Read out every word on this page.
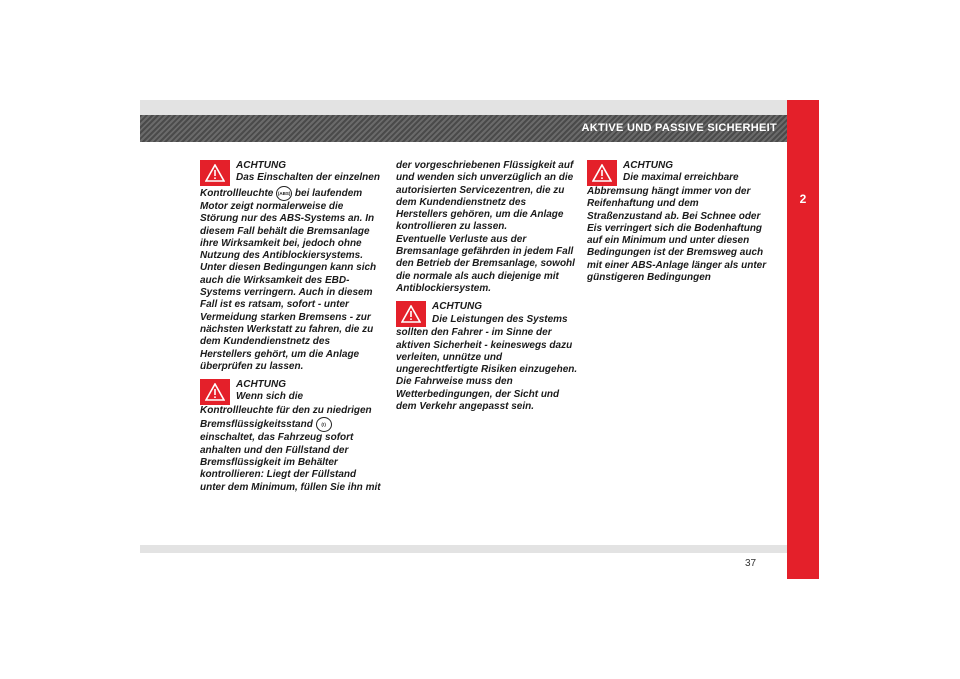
AKTIVE UND PASSIVE SICHERHEIT
2
ACHTUNG
Das Einschalten der einzelnen

Kontrollleuchte (ABS) bei laufendem Motor zeigt normalerweise die Störung nur des ABS-Systems an. In diesem Fall behält die Bremsanlage ihre Wirksamkeit bei, jedoch ohne Nutzung des Antiblockiersystems. Unter diesen Bedingungen kann sich auch die Wirksamkeit des EBD-Systems verringern. Auch in diesem Fall ist es ratsam, sofort - unter Vermeidung starken Bremsens - zur nächsten Werkstatt zu fahren, die zu dem Kundendienstnetz des Herstellers gehört, um die Anlage überprüfen zu lassen.

ACHTUNG
Wenn sich die

Kontrollleuchte für den zu niedrigen Bremsflüssigkeitsstand (!) einschaltet, das Fahrzeug sofort anhalten und den Füllstand der Bremsflüssigkeit im Behälter kontrollieren: Liegt der Füllstand unter dem Minimum, füllen Sie ihn mit

der vorgeschriebenen Flüssigkeit auf und wenden sich unverzüglich an die autorisierten Servicezentren, die zu dem Kundendienstnetz des Herstellers gehören, um die Anlage kontrollieren zu lassen.

Eventuelle Verluste aus der Bremsanlage gefährden in jedem Fall den Betrieb der Bremsanlage, sowohl die normale als auch diejenige mit Antiblockiersystem.

ACHTUNG
Die Leistungen des Systems

sollten den Fahrer - im Sinne der aktiven Sicherheit - keineswegs dazu verleiten, unnütze und ungerechtfertigte Risiken einzugehen. Die Fahrweise muss den Wetterbedingungen, der Sicht und dem Verkehr angepasst sein.

ACHTUNG
Die maximal erreichbare

Abbremsung hängt immer von der Reifenhaftung und dem Straßenzustand ab. Bei Schnee oder Eis verringert sich die Bodenhaftung auf ein Minimum und unter diesen Bedingungen ist der Bremsweg auch mit einer ABS-Anlage länger als unter günstigeren Bedingungen

37
